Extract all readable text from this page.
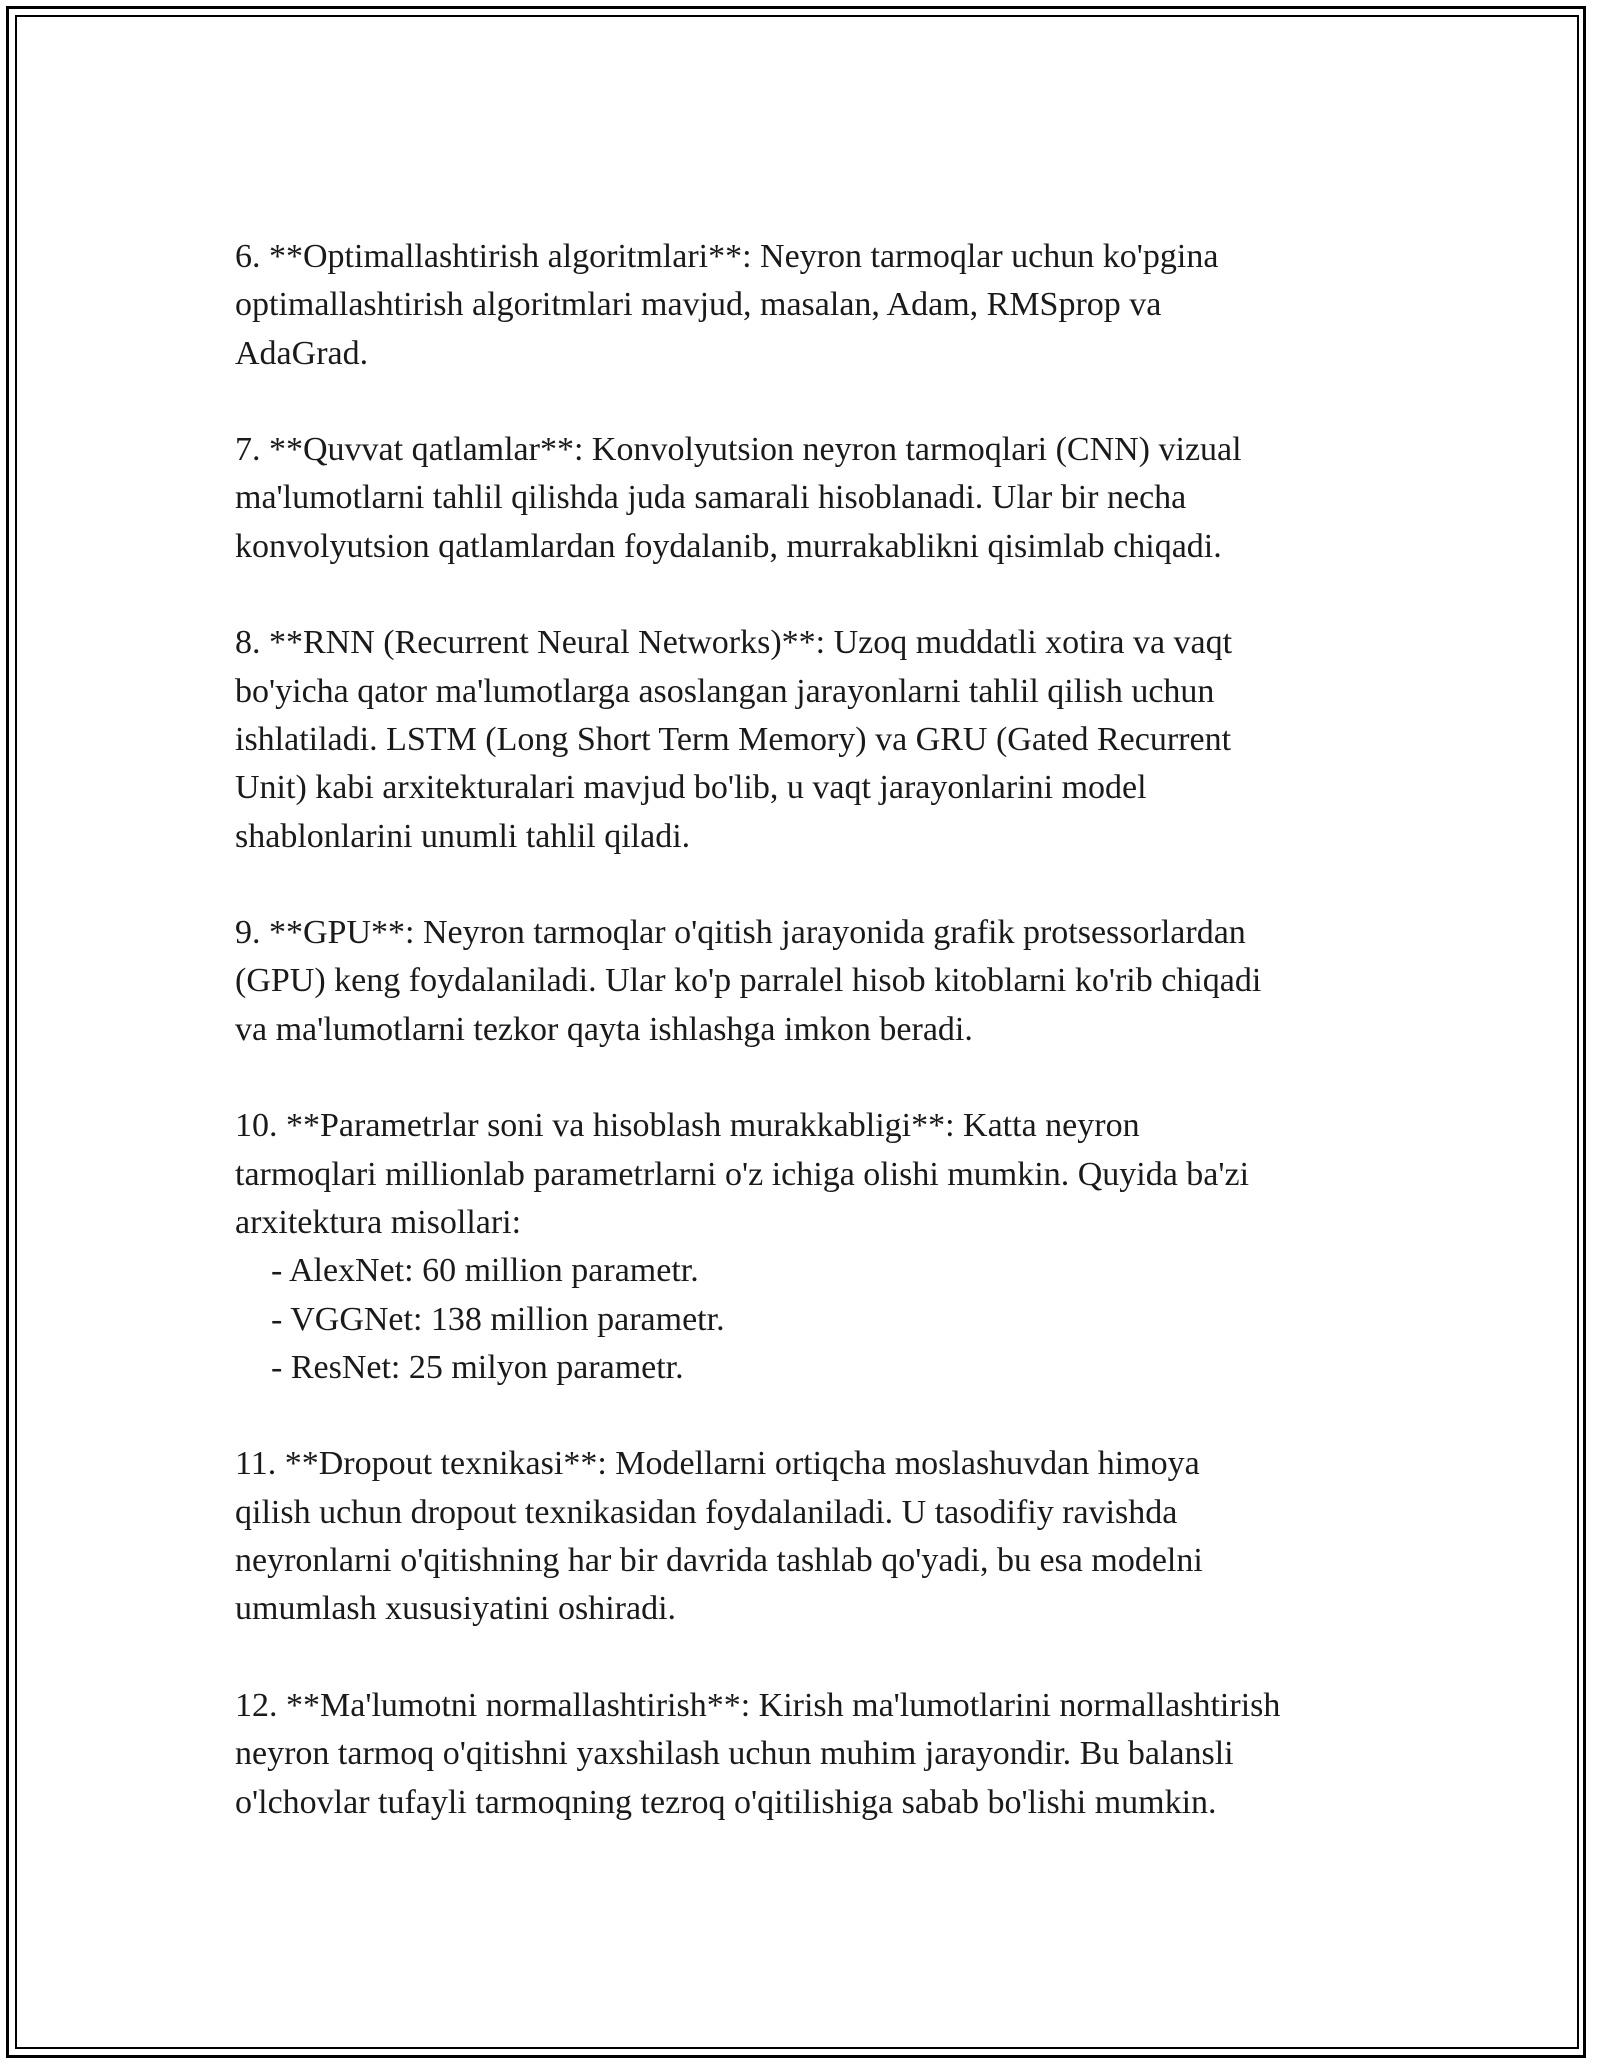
6. **Optimallashtirish algoritmlari**: Neyron tarmoqlar uchun ko'pgina
optimallashtirish algoritmlari mavjud, masalan, Adam, RMSprop va
AdaGrad.
7. **Quvvat qatlamlar**: Konvolyutsion neyron tarmoqlari (CNN) vizual
ma'lumotlarni tahlil qilishda juda samarali hisoblanadi. Ular bir necha
konvolyutsion qatlamlardan foydalanib, murrakablikni qisimlab chiqadi.
8. **RNN (Recurrent Neural Networks)**: Uzoq muddatli xotira va vaqt
bo'yicha qator ma'lumotlarga asoslangan jarayonlarni tahlil qilish uchun
ishlatiladi. LSTM (Long Short Term Memory) va GRU (Gated Recurrent
Unit) kabi arxitekturalari mavjud bo'lib, u vaqt jarayonlarini model
shablonlarini unumli tahlil qiladi.
9. **GPU**: Neyron tarmoqlar o'qitish jarayonida grafik protsessorlardan
(GPU) keng foydalaniladi. Ular ko'p parralel hisob kitoblarni ko'rib chiqadi
va ma'lumotlarni tezkor qayta ishlashga imkon beradi.
10. **Parametrlar soni va hisoblash murakkabligi**: Katta neyron
tarmoqlari millionlab parametrlarni o'z ichiga olishi mumkin. Quyida ba'zi
arxitektura misollari:
- AlexNet: 60 million parametr.
- VGGNet: 138 million parametr.
- ResNet: 25 milyon parametr.
11. **Dropout texnikasi**: Modellarni ortiqcha moslashuvdan himoya
qilish uchun dropout texnikasidan foydalaniladi. U tasodifiy ravishda
neyronlarni o'qitishning har bir davrida tashlab qo'yadi, bu esa modelni
umumlash xususiyatini oshiradi.
12. **Ma'lumotni normallashtirish**: Kirish ma'lumotlarini normallashtirish
neyron tarmoq o'qitishni yaxshilash uchun muhim jarayondir. Bu balansli
o'lchovlar tufayli tarmoqning tezroq o'qitilishiga sabab bo'lishi mumkin.
